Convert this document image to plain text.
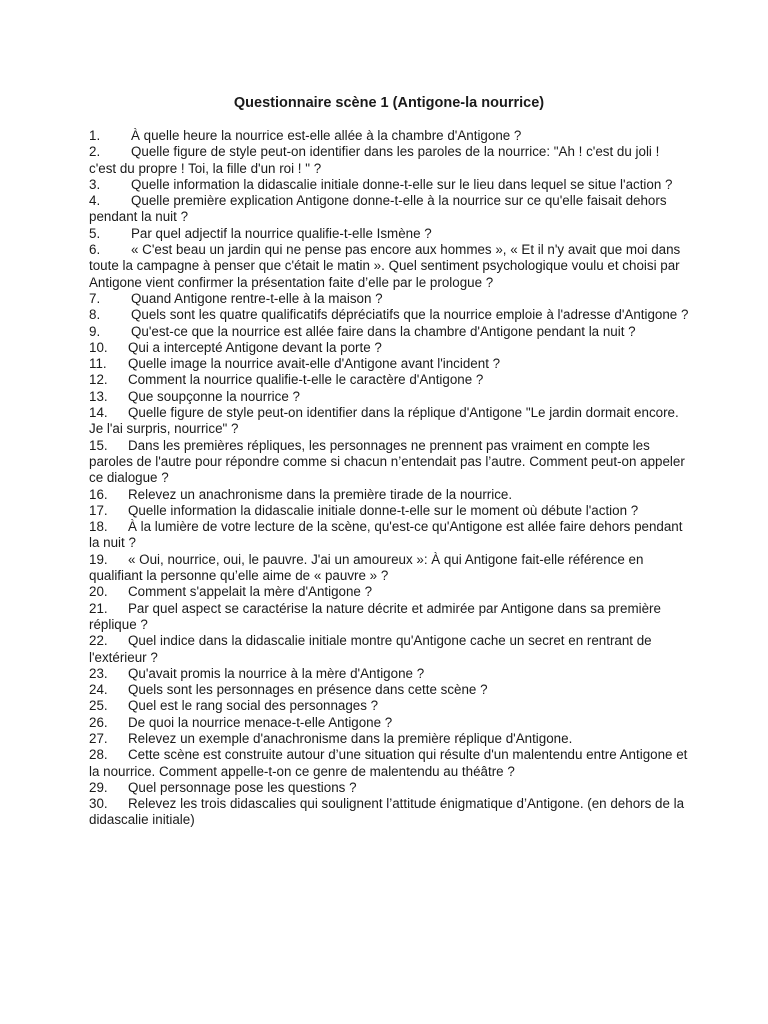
Questionnaire scène 1 (Antigone-la nourrice)
1. À quelle heure la nourrice est-elle allée à la chambre d'Antigone ?
2. Quelle figure de style peut-on identifier dans les paroles de la nourrice: "Ah ! c'est du joli ! c'est du propre ! Toi, la fille d'un roi ! " ?
3. Quelle information la didascalie initiale donne-t-elle sur le lieu dans lequel se situe l'action ?
4. Quelle première explication Antigone donne-t-elle à la nourrice sur ce qu'elle faisait dehors pendant la nuit ?
5. Par quel adjectif la nourrice qualifie-t-elle Ismène ?
6. « C'est beau un jardin qui ne pense pas encore aux hommes », « Et il n'y avait que moi dans toute la campagne à penser que c'était le matin ». Quel sentiment psychologique voulu et choisi par Antigone vient confirmer la présentation faite d’elle par le prologue ?
7. Quand Antigone rentre-t-elle à la maison ?
8. Quels sont les quatre qualificatifs dépréciatifs que la nourrice emploie à l'adresse d'Antigone ?
9. Qu'est-ce que la nourrice est allée faire dans la chambre d'Antigone pendant la nuit ?
10. Qui a intercepté Antigone devant la porte ?
11. Quelle image la nourrice avait-elle d'Antigone avant l'incident ?
12. Comment la nourrice qualifie-t-elle le caractère d'Antigone ?
13. Que soupçonne la nourrice ?
14. Quelle figure de style peut-on identifier dans la réplique d'Antigone "Le jardin dormait encore. Je l'ai surpris, nourrice" ?
15. Dans les premières répliques, les personnages ne prennent pas vraiment en compte les paroles de l'autre pour répondre comme si chacun n’entendait pas l’autre. Comment peut-on appeler ce dialogue ?
16. Relevez un anachronisme dans la première tirade de la nourrice.
17. Quelle information la didascalie initiale donne-t-elle sur le moment où débute l'action ?
18. À la lumière de votre lecture de la scène, qu'est-ce qu'Antigone est allée faire dehors pendant la nuit ?
19. « Oui, nourrice, oui, le pauvre. J'ai un amoureux »: À qui Antigone fait-elle référence en qualifiant la personne qu’elle aime de « pauvre » ?
20. Comment s'appelait la mère d'Antigone ?
21. Par quel aspect se caractérise la nature décrite et admirée par Antigone dans sa première réplique ?
22. Quel indice dans la didascalie initiale montre qu'Antigone cache un secret en rentrant de l'extérieur ?
23. Qu'avait promis la nourrice à la mère d'Antigone ?
24. Quels sont les personnages en présence dans cette scène ?
25. Quel est le rang social des personnages ?
26. De quoi la nourrice menace-t-elle Antigone ?
27. Relevez un exemple d'anachronisme dans la première réplique d'Antigone.
28. Cette scène est construite autour d’une situation qui résulte d'un malentendu entre Antigone et la nourrice. Comment appelle-t-on ce genre de malentendu au théâtre ?
29. Quel personnage pose les questions ?
30. Relevez les trois didascalies qui soulignent l’attitude énigmatique d’Antigone. (en dehors de la didascalie initiale)
